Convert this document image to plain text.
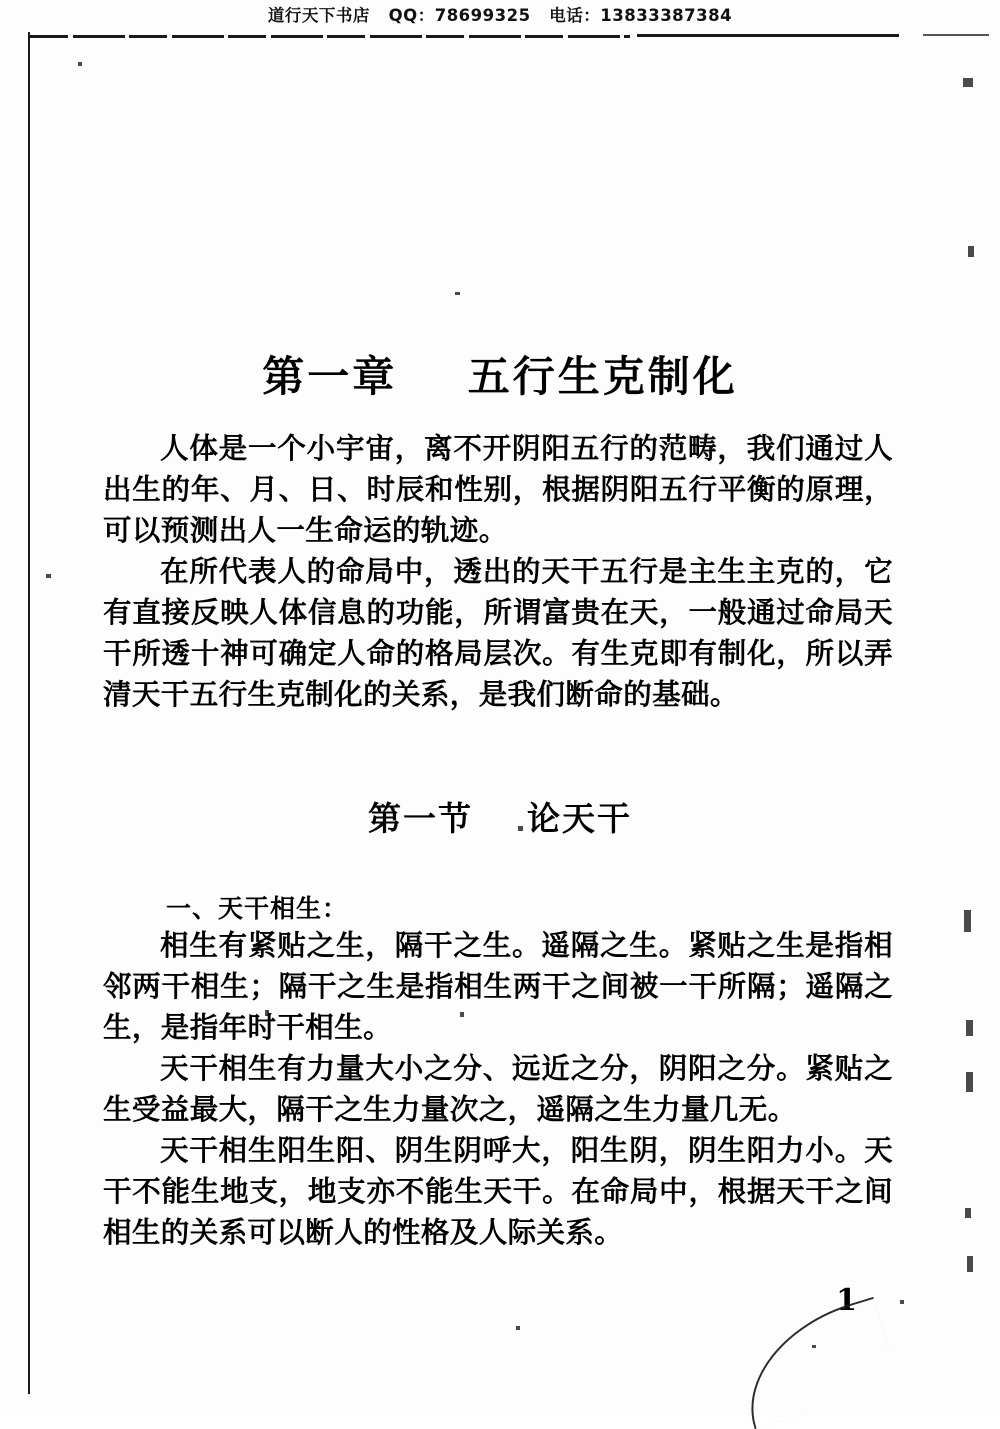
道行天下书店   QQ：78699325   电话：13833387384
第一章    五行生克制化

人体是一个小宇宙，离不开阴阳五行的范畴，我们通过人出生的年、月、日、时辰和性别，根据阴阳五行平衡的原理，可以预测出人一生命运的轨迹。

在所代表人的命局中，透出的天干五行是主生主克的，它有直接反映人体信息的功能，所谓富贵在天，一般通过命局天干所透十神可确定人命的格局层次。有生克即有制化，所以弄清天干五行生克制化的关系，是我们断命的基础。

第一节    论天干
一、天干相生：

相生有紧贴之生，隔干之生。遥隔之生。紧贴之生是指相邻两干相生；隔干之生是指相生两干之间被一干所隔；遥隔之生，是指年时干相生。

天干相生有力量大小之分、远近之分，阴阳之分。紧贴之生受益最大，隔干之生力量次之，遥隔之生力量几无。

天干相生阳生阳、阴生阴呼大，阳生阴，阴生阳力小。天干不能生地支，地支亦不能生天干。在命局中，根据天干之间相生的关系可以断人的性格及人际关系。

1
